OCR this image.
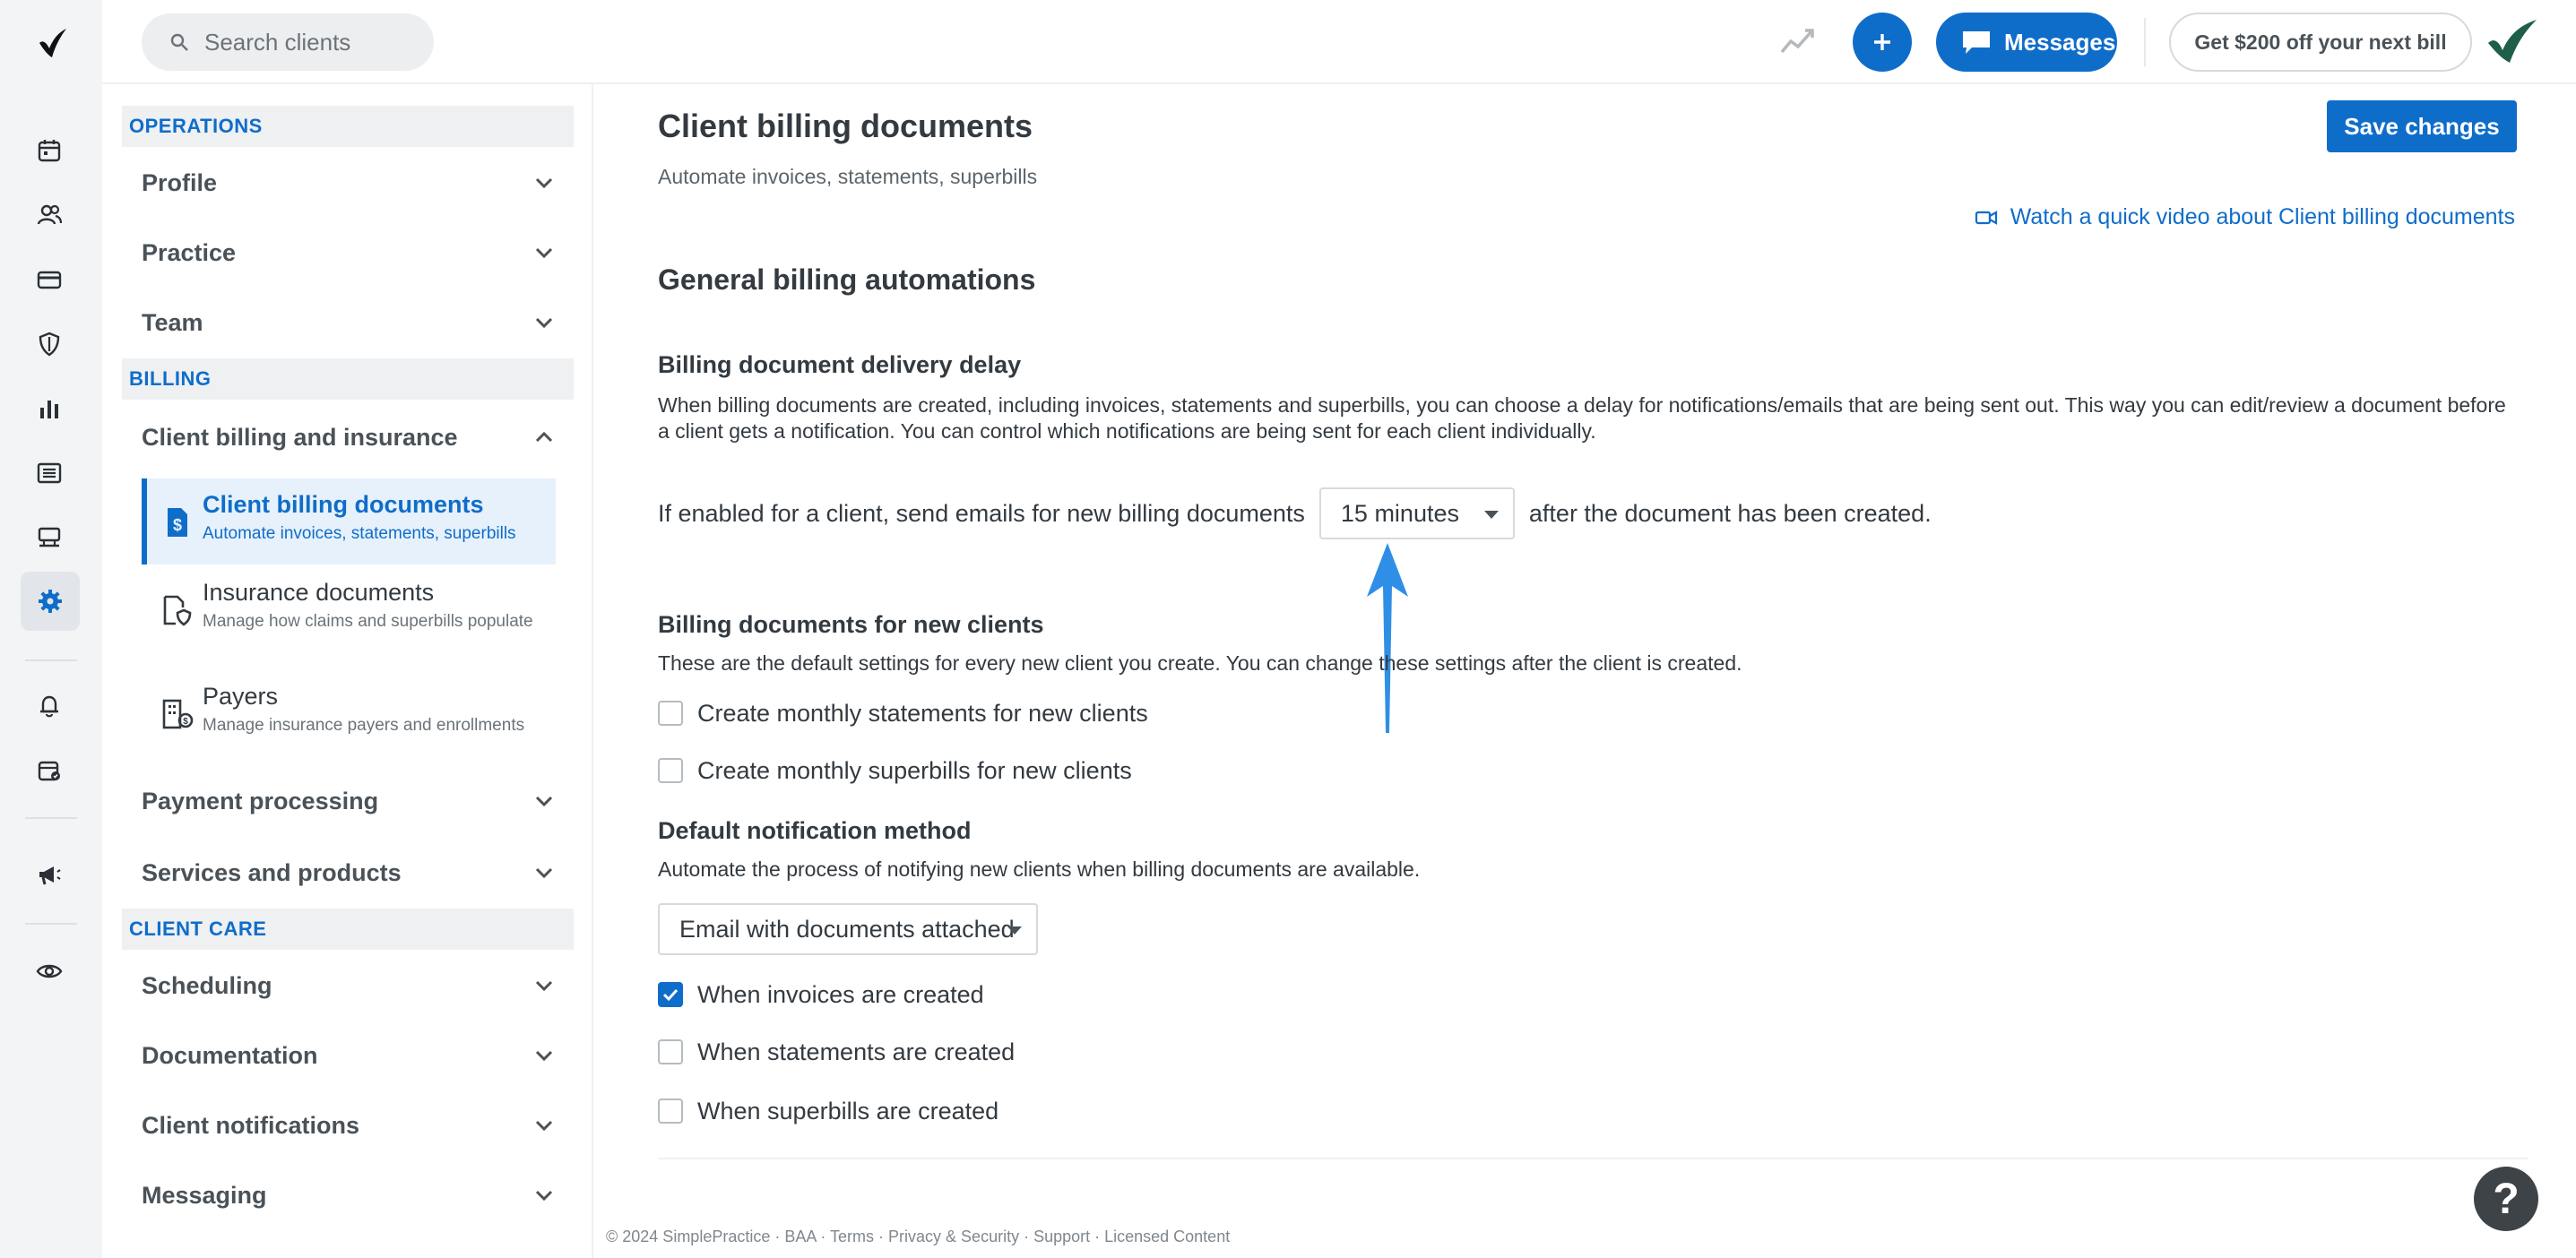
Search clients	Messages	Get $200 off your next bill
OPERATIONS
Profile
Practice
Team
BILLING
Client billing and insurance
$
Client billing documents
Automate invoices, statements, superbills
Insurance documents
Manage how claims and superbills populate
$
Payers
Manage insurance payers and enrollments
Payment processing
Services and products
CLIENT CARE
Scheduling
Documentation
Client notifications
Messaging
Client billing documents
Automate invoices, statements, superbills
Save changes
Watch a quick video about Client billing documents
General billing automations
Billing document delivery delay
When billing documents are created, including invoices, statements and superbills, you can choose a delay for notifications/emails that are being sent out. This way you can edit/review a document before a client gets a notification. You can control which notifications are being sent for each client individually.
If enabled for a client, send emails for new billing documents 15 minutes	after the document has been created.
Billing documents for new clients
These are the default settings for every new client you create. You can change these settings after the client is created.
Create monthly statements for new clients
Create monthly superbills for new clients
Default notification method
Automate the process of notifying new clients when billing documents are available.
Email with documents attached
When invoices are created
When statements are created
When superbills are created
© 2024 SimplePractice · BAA · Terms · Privacy & Security · Support · Licensed Content
?
